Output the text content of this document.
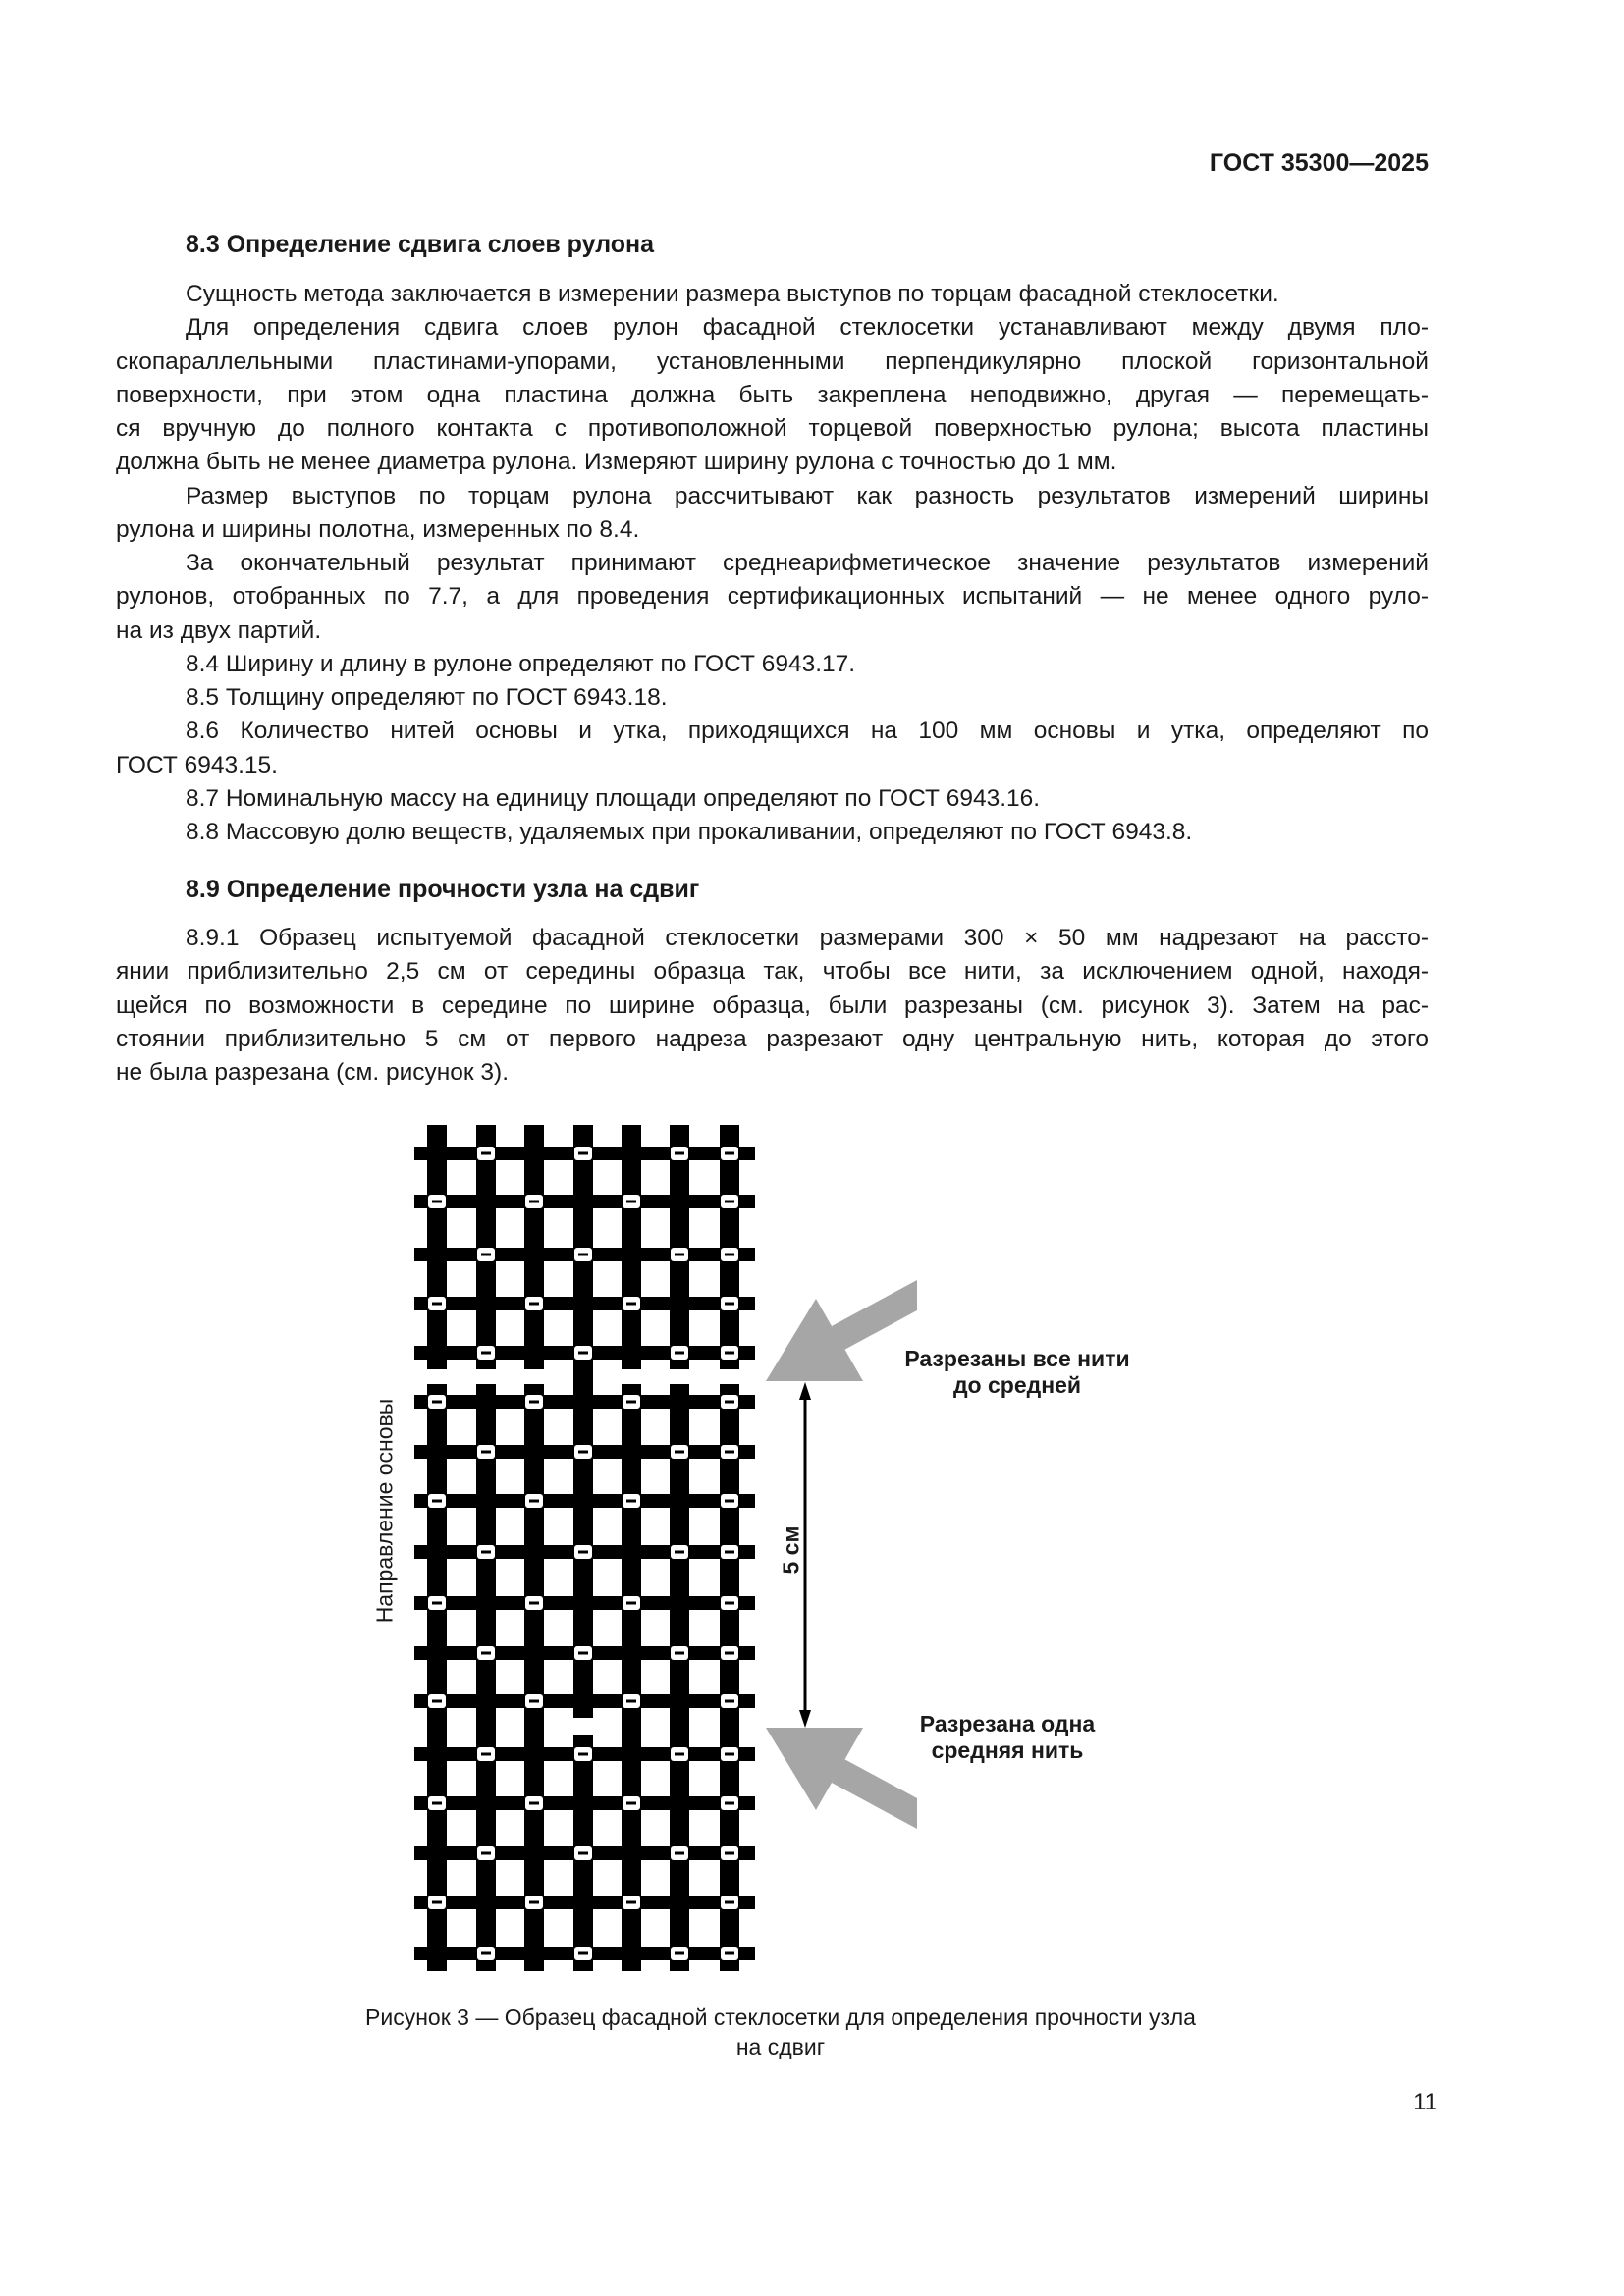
ГОСТ 35300—2025
8.3 Определение сдвига слоев рулона
Сущность метода заключается в измерении размера выступов по торцам фасадной стеклосетки.
Для определения сдвига слоев рулон фасадной стеклосетки устанавливают между двумя пло-
скопараллельными пластинами-упорами, установленными перпендикулярно плоской горизонтальной
поверхности, при этом одна пластина должна быть закреплена неподвижно, другая — перемещать-
ся вручную до полного контакта с противоположной торцевой поверхностью рулона; высота пластины
должна быть не менее диаметра рулона. Измеряют ширину рулона с точностью до 1 мм.
Размер выступов по торцам рулона рассчитывают как разность результатов измерений ширины
рулона и ширины полотна, измеренных по 8.4.
За окончательный результат принимают среднеарифметическое значение результатов измерений
рулонов, отобранных по 7.7, а для проведения сертификационных испытаний — не менее одного руло-
на из двух партий.
8.4 Ширину и длину в рулоне определяют по ГОСТ 6943.17.
8.5 Толщину определяют по ГОСТ 6943.18.
8.6 Количество нитей основы и утка, приходящихся на 100 мм основы и утка, определяют по
ГОСТ 6943.15.
8.7 Номинальную массу на единицу площади определяют по ГОСТ 6943.16.
8.8 Массовую долю веществ, удаляемых при прокаливании, определяют по ГОСТ 6943.8.
8.9 Определение прочности узла на сдвиг
8.9.1 Образец испытуемой фасадной стеклосетки размерами 300 × 50 мм надрезают на рассто-
янии приблизительно 2,5 см от середины образца так, чтобы все нити, за исключением одной, находя-
щейся по возможности в середине по ширине образца, были разрезаны (см. рисунок 3). Затем на рас-
стоянии приблизительно 5 см от первого надреза разрезают одну центральную нить, которая до этого
не была разрезана (см. рисунок 3).
Направление основы	5 см
Разрезаны все нити
до средней
Разрезана одна
средняя нить
Рисунок 3 — Образец фасадной стеклосетки для определения прочности узла
на сдвиг
11
